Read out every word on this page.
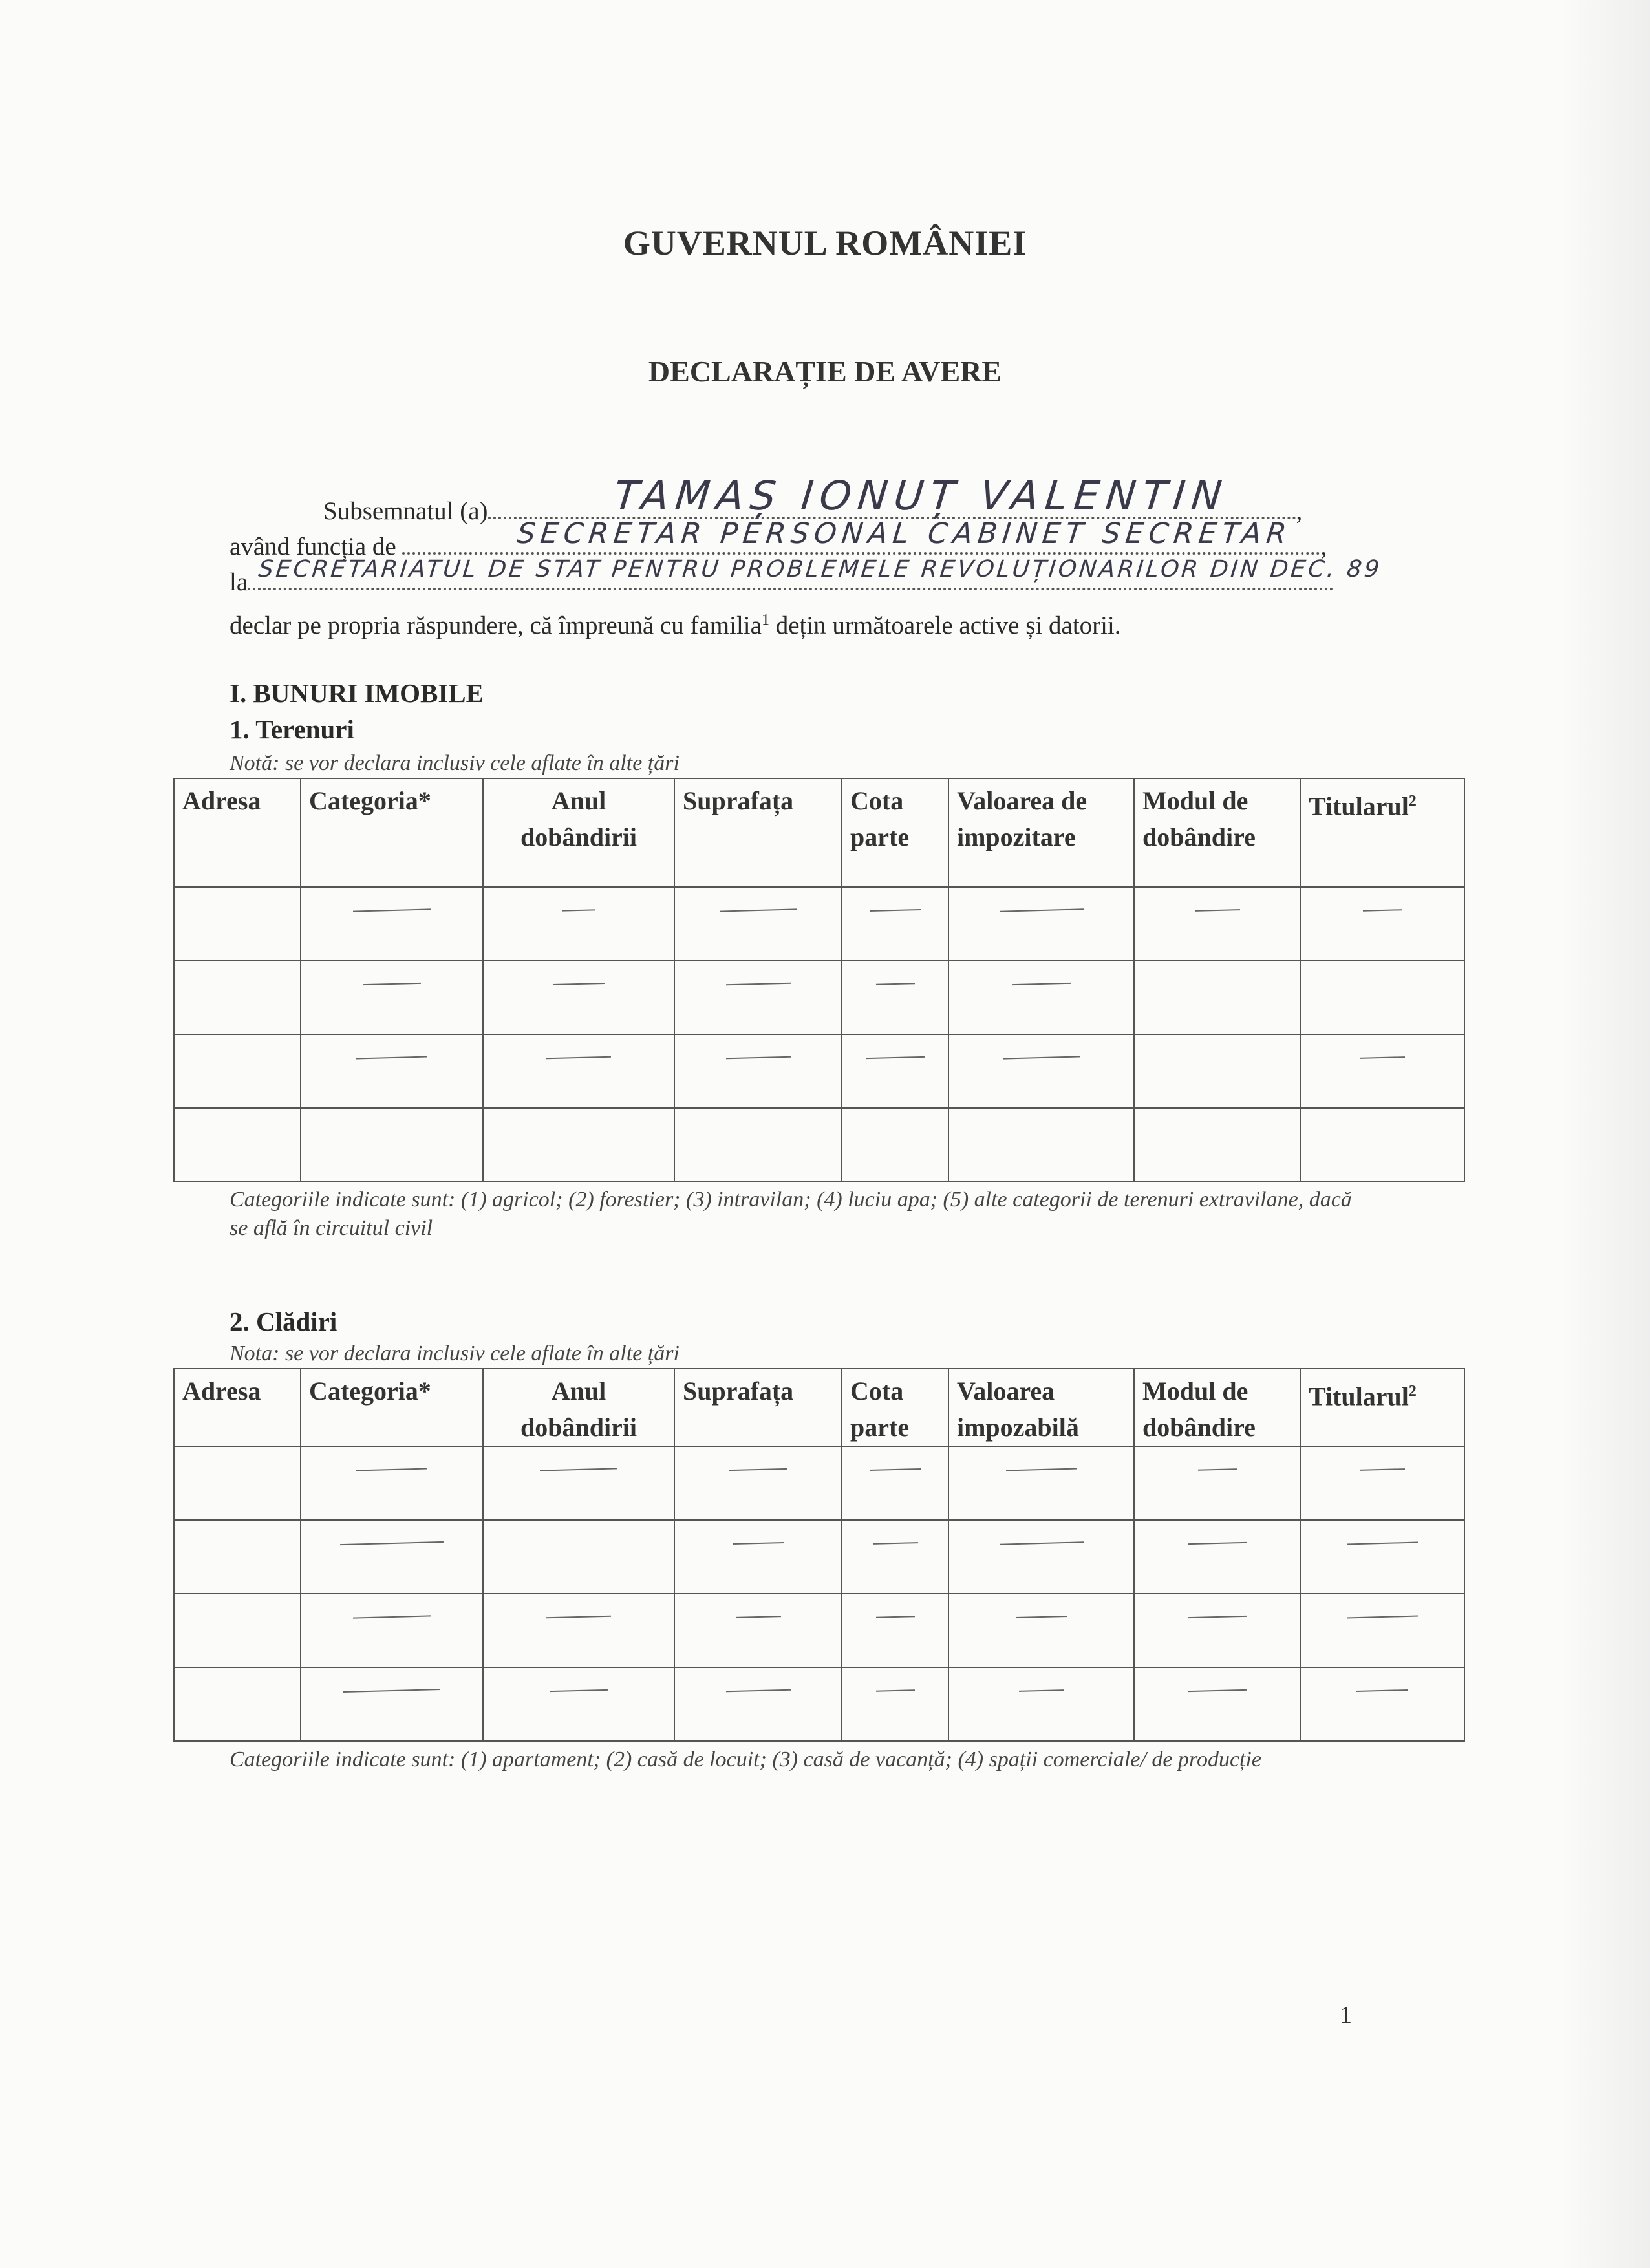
GUVERNUL ROMÂNIEI
DECLARAȚIE DE AVERE
Subsemnatul (a)	,
TAMAȘ IONUȚ VALENTIN
având funcția de	,
SECRETAR PERSONAL CABINET SECRETAR
la SECRETARIATUL DE STAT PENTRU PROBLEMELE REVOLUȚIONARILOR DIN DEC. 89
declar pe propria răspundere, că împreună cu familia$^1$ dețin următoarele active și datorii.
I. BUNURI IMOBILE
1. Terenuri
Notă: se vor declara inclusiv cele aflate în alte țări
Adresa	Categoria*	Anul dobândirii	Suprafața	Cota parte	Valoarea de impozitare	Modul de dobândire	Titularul$^2$

Categoriile indicate sunt: (1) agricol; (2) forestier; (3) intravilan; (4) luciu apa; (5) alte categorii de terenuri extravilane, dacă se află în circuitul civil
2. Clădiri
Nota: se vor declara inclusiv cele aflate în alte țări
Adresa	Categoria*	Anul dobândirii	Suprafața	Cota parte	Valoarea impozabilă	Modul de dobândire	Titularul$^2$

Categoriile indicate sunt: (1) apartament; (2) casă de locuit; (3) casă de vacanță; (4) spații comerciale/ de producție
1
